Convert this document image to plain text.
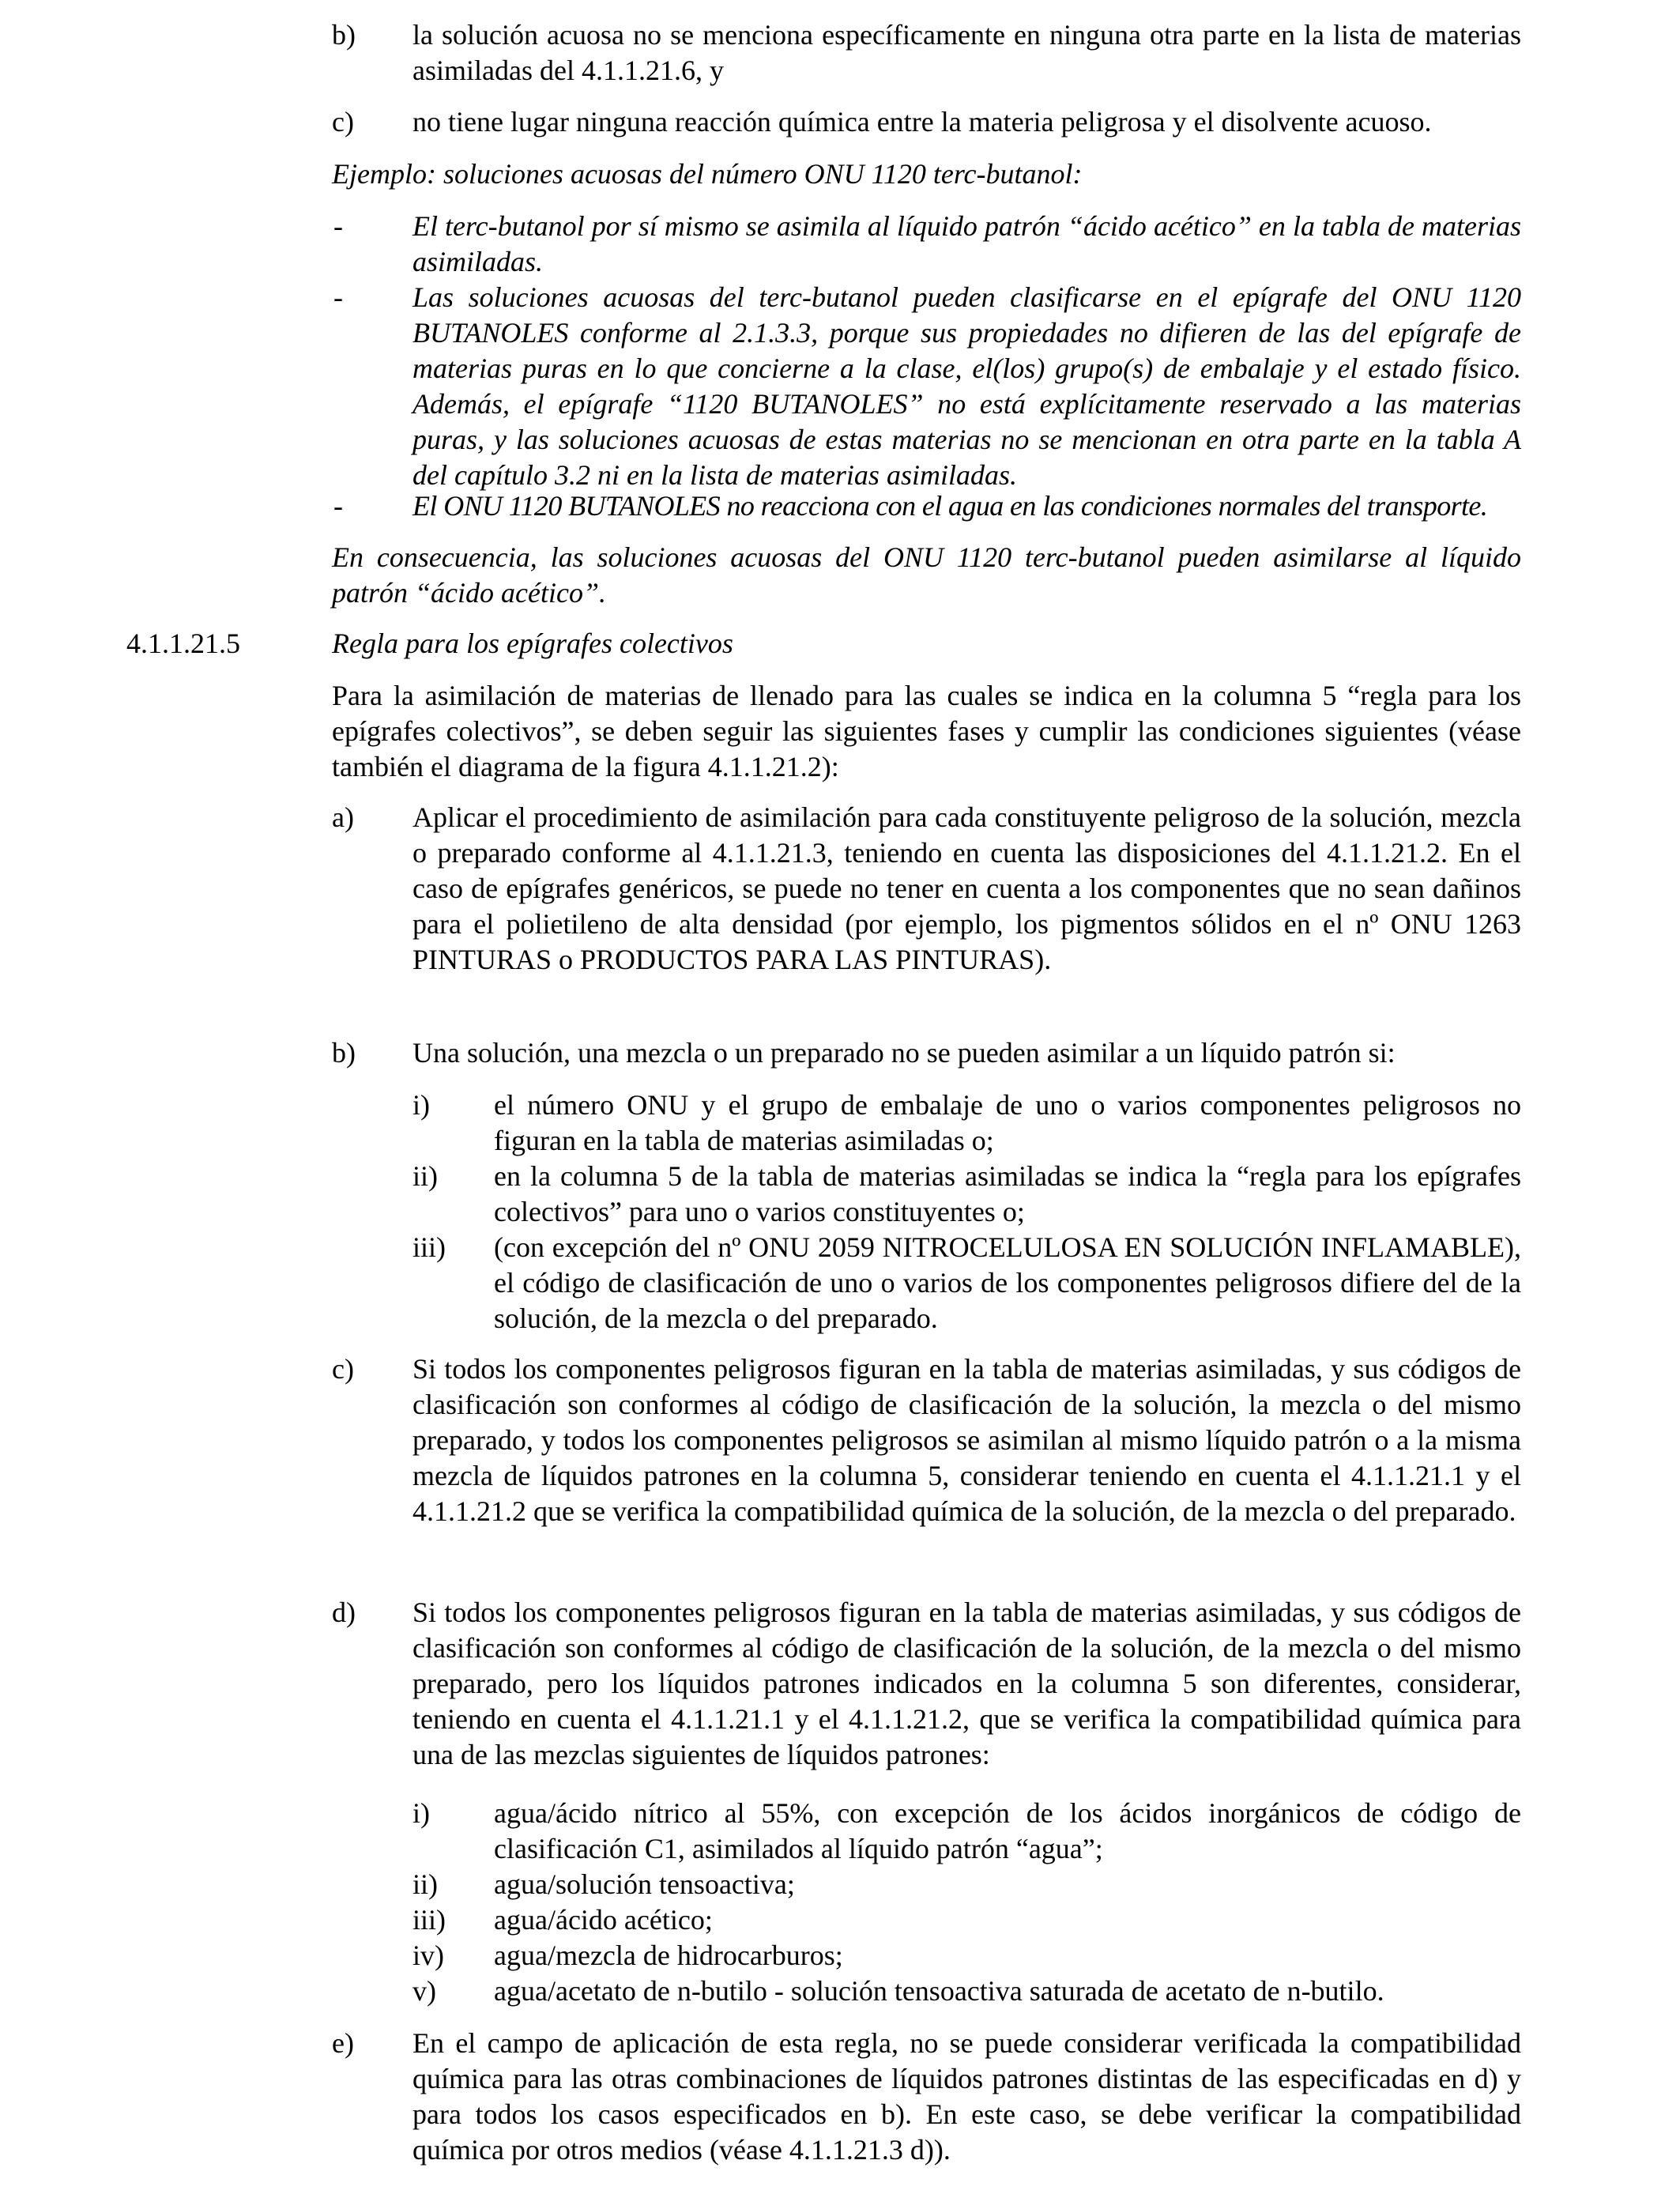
b) la solución acuosa no se menciona específicamente en ninguna otra parte en la lista de materias asimiladas del 4.1.1.21.6, y

c) no tiene lugar ninguna reacción química entre la materia peligrosa y el disolvente acuoso.

Ejemplo: soluciones acuosas del número ONU 1120 terc-butanol:

- El terc-butanol por sí mismo se asimila al líquido patrón “ácido acético” en la tabla de materias asimiladas.

- Las soluciones acuosas del terc-butanol pueden clasificarse en el epígrafe del ONU 1120 BUTANOLES conforme al 2.1.3.3, porque sus propiedades no difieren de las del epígrafe de materias puras en lo que concierne a la clase, el(los) grupo(s) de embalaje y el estado físico. Además, el epígrafe “1120 BUTANOLES” no está explícitamente reservado a las materias puras, y las soluciones acuosas de estas materias no se mencionan en otra parte en la tabla A del capítulo 3.2 ni en la lista de materias asimiladas.

- El ONU 1120 BUTANOLES no reacciona con el agua en las condiciones normales del transporte.

En consecuencia, las soluciones acuosas del ONU 1120 terc-butanol pueden asimilarse al líquido patrón “ácido acético”.

4.1.1.21.5	Regla para los epígrafes colectivos

Para la asimilación de materias de llenado para las cuales se indica en la columna 5 “regla para los epígrafes colectivos”, se deben seguir las siguientes fases y cumplir las condiciones siguientes (véase también el diagrama de la figura 4.1.1.21.2):

a) Aplicar el procedimiento de asimilación para cada constituyente peligroso de la solución, mezcla o preparado conforme al 4.1.1.21.3, teniendo en cuenta las disposiciones del 4.1.1.21.2. En el caso de epígrafes genéricos, se puede no tener en cuenta a los componentes que no sean dañinos para el polietileno de alta densidad (por ejemplo, los pigmentos sólidos en el nº ONU 1263 PINTURAS o PRODUCTOS PARA LAS PINTURAS).

b) Una solución, una mezcla o un preparado no se pueden asimilar a un líquido patrón si:

i) el número ONU y el grupo de embalaje de uno o varios componentes peligrosos no figuran en la tabla de materias asimiladas o;

ii) en la columna 5 de la tabla de materias asimiladas se indica la “regla para los epígrafes colectivos” para uno o varios constituyentes o;

iii) (con excepción del nº ONU 2059 NITROCELULOSA EN SOLUCIÓN INFLAMABLE), el código de clasificación de uno o varios de los componentes peligrosos difiere del de la solución, de la mezcla o del preparado.

c) Si todos los componentes peligrosos figuran en la tabla de materias asimiladas, y sus códigos de clasificación son conformes al código de clasificación de la solución, la mezcla o del mismo preparado, y todos los componentes peligrosos se asimilan al mismo líquido patrón o a la misma mezcla de líquidos patrones en la columna 5, considerar teniendo en cuenta el 4.1.1.21.1 y el 4.1.1.21.2 que se verifica la compatibilidad química de la solución, de la mezcla o del preparado.

d) Si todos los componentes peligrosos figuran en la tabla de materias asimiladas, y sus códigos de clasificación son conformes al código de clasificación de la solución, de la mezcla o del mismo preparado, pero los líquidos patrones indicados en la columna 5 son diferentes, considerar, teniendo en cuenta el 4.1.1.21.1 y el 4.1.1.21.2, que se verifica la compatibilidad química para una de las mezclas siguientes de líquidos patrones:

i) agua/ácido nítrico al 55%, con excepción de los ácidos inorgánicos de código de clasificación C1, asimilados al líquido patrón “agua”;

ii) agua/solución tensoactiva;

iii) agua/ácido acético;

iv) agua/mezcla de hidrocarburos;

v) agua/acetato de n-butilo - solución tensoactiva saturada de acetato de n-butilo.

e) En el campo de aplicación de esta regla, no se puede considerar verificada la compatibilidad química para las otras combinaciones de líquidos patrones distintas de las especificadas en d) y para todos los casos especificados en b). En este caso, se debe verificar la compatibilidad química por otros medios (véase 4.1.1.21.3 d)).
